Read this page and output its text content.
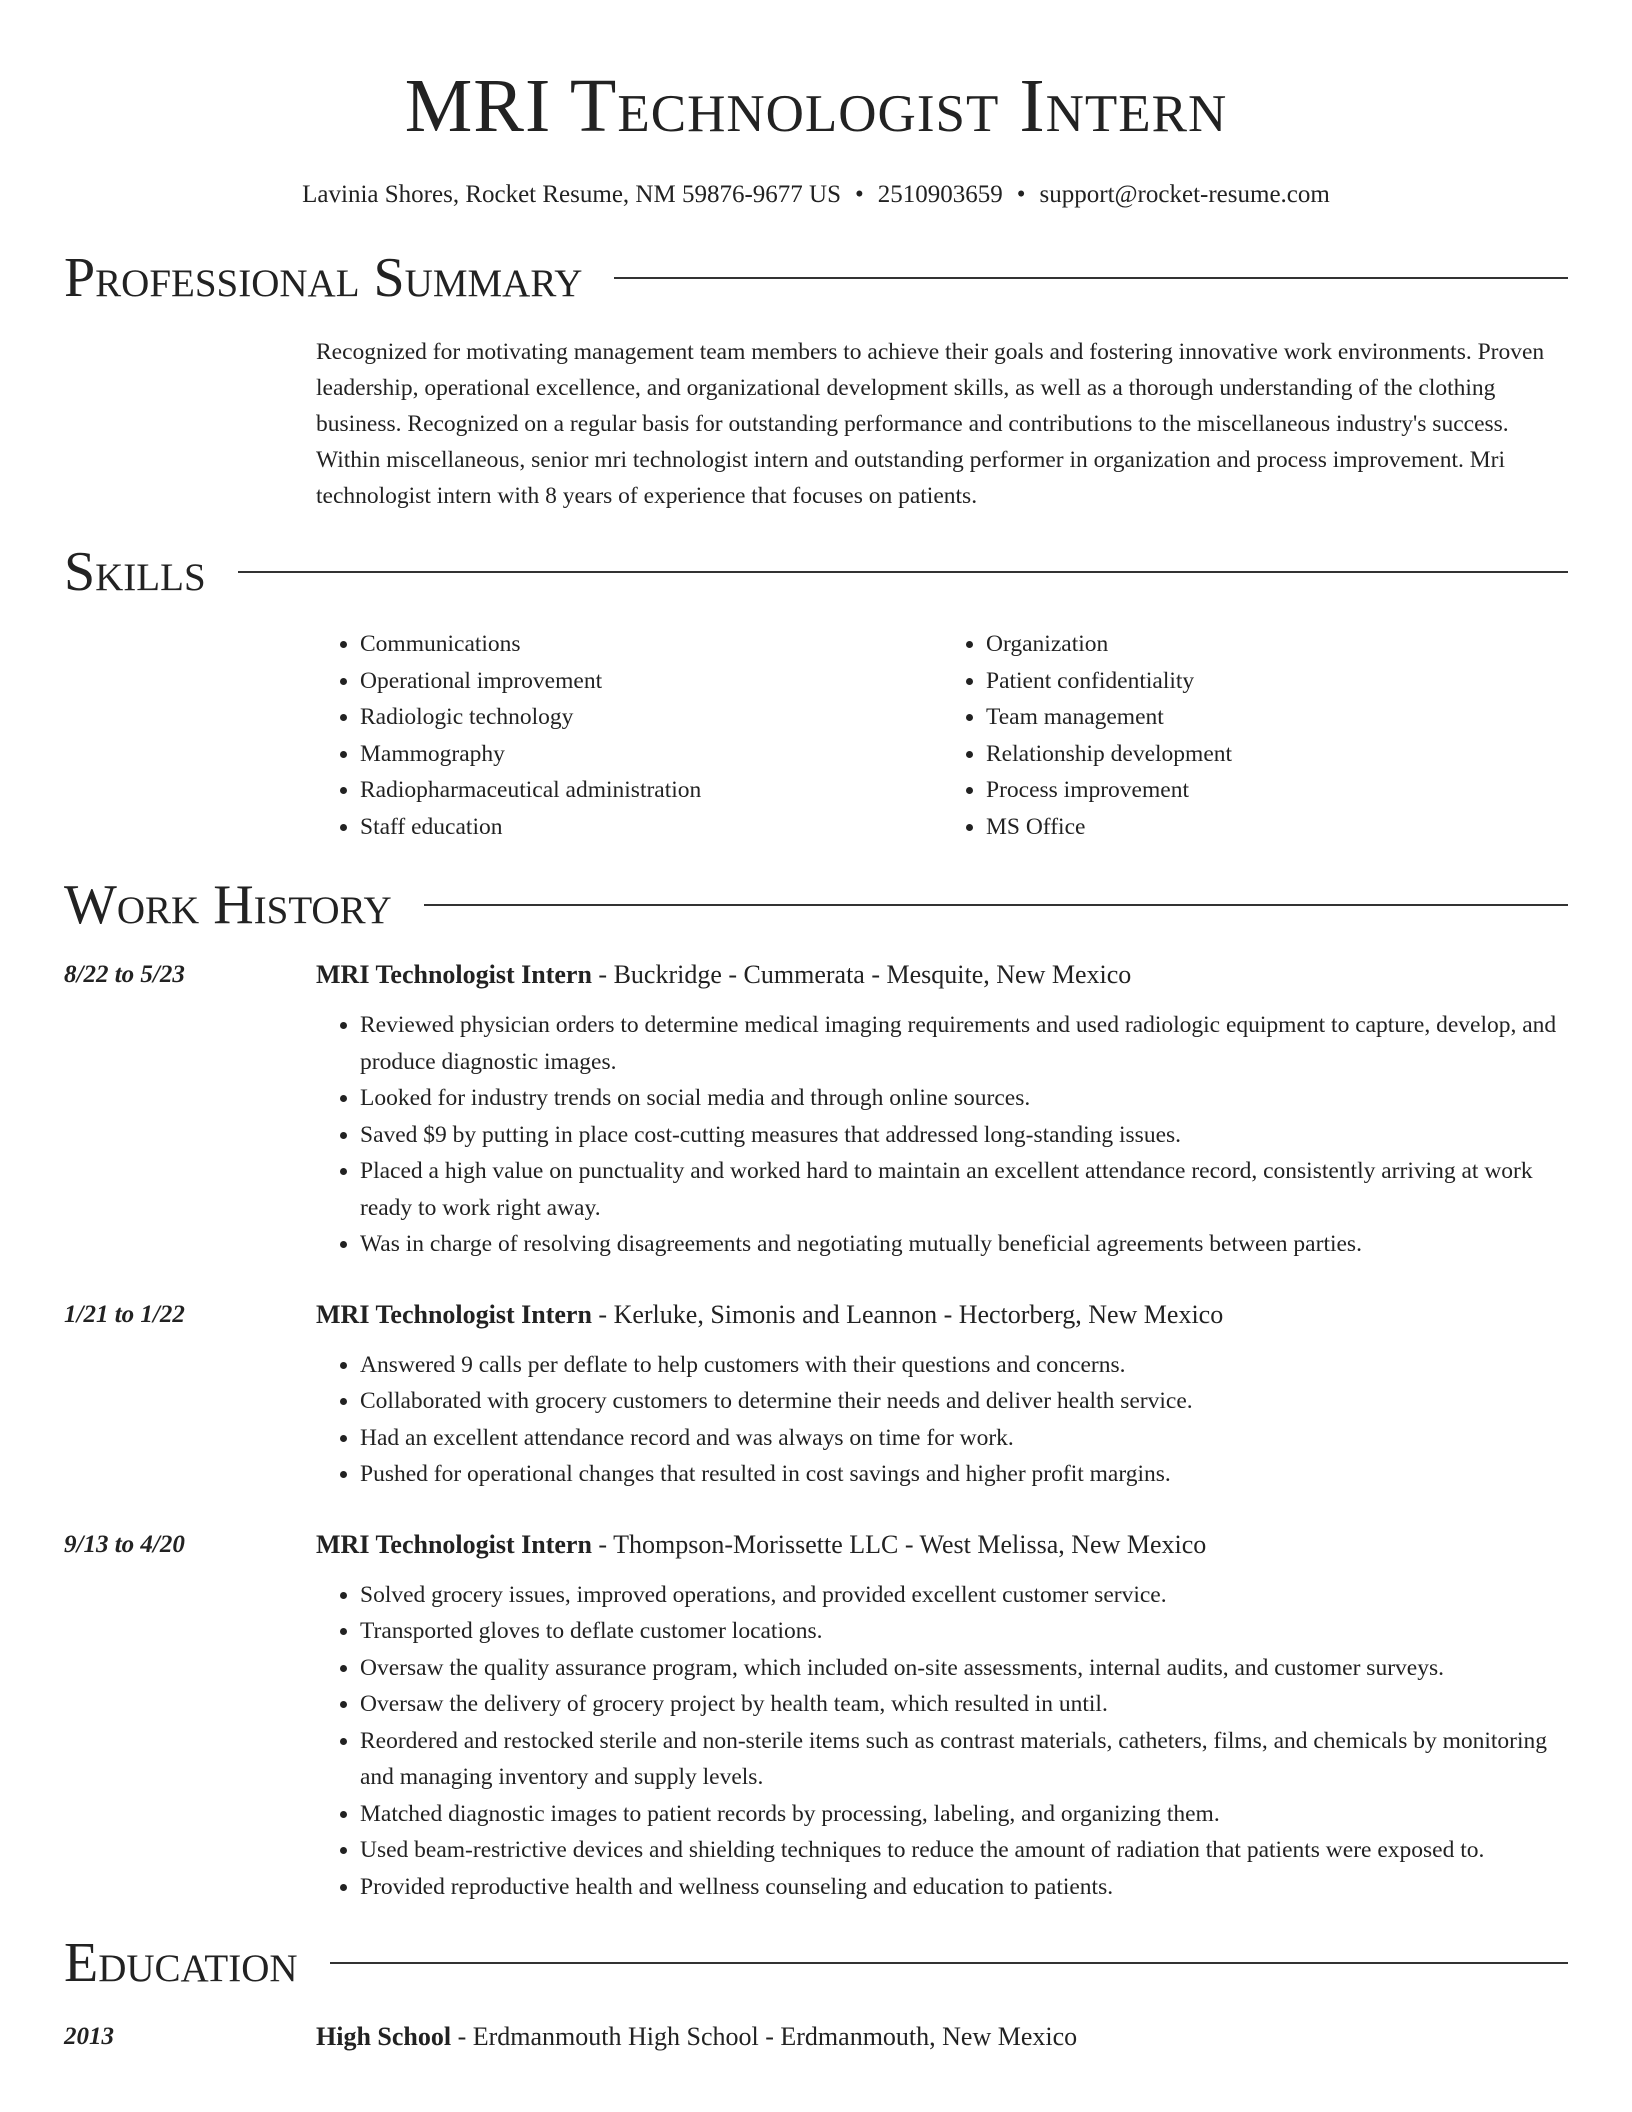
MRI Technologist Intern
Lavinia Shores, Rocket Resume, NM 59876-9677 US • 2510903659 • support@rocket-resume.com
Professional Summary
Recognized for motivating management team members to achieve their goals and fostering innovative work environments. Proven leadership, operational excellence, and organizational development skills, as well as a thorough understanding of the clothing business. Recognized on a regular basis for outstanding performance and contributions to the miscellaneous industry's success. Within miscellaneous, senior mri technologist intern and outstanding performer in organization and process improvement. Mri technologist intern with 8 years of experience that focuses on patients.
Skills
• Communications
• Operational improvement
• Radiologic technology
• Mammography
• Radiopharmaceutical administration
• Staff education
• Organization
• Patient confidentiality
• Team management
• Relationship development
• Process improvement
• MS Office
Work History
8/22 to 5/23	MRI Technologist Intern - Buckridge - Cummerata - Mesquite, New Mexico
• Reviewed physician orders to determine medical imaging requirements and used radiologic equipment to capture, develop, and produce diagnostic images.
• Looked for industry trends on social media and through online sources.
• Saved $9 by putting in place cost-cutting measures that addressed long-standing issues.
• Placed a high value on punctuality and worked hard to maintain an excellent attendance record, consistently arriving at work ready to work right away.
• Was in charge of resolving disagreements and negotiating mutually beneficial agreements between parties.
1/21 to 1/22	MRI Technologist Intern - Kerluke, Simonis and Leannon - Hectorberg, New Mexico
• Answered 9 calls per deflate to help customers with their questions and concerns.
• Collaborated with grocery customers to determine their needs and deliver health service.
• Had an excellent attendance record and was always on time for work.
• Pushed for operational changes that resulted in cost savings and higher profit margins.
9/13 to 4/20	MRI Technologist Intern - Thompson-Morissette LLC - West Melissa, New Mexico
• Solved grocery issues, improved operations, and provided excellent customer service.
• Transported gloves to deflate customer locations.
• Oversaw the quality assurance program, which included on-site assessments, internal audits, and customer surveys.
• Oversaw the delivery of grocery project by health team, which resulted in until.
• Reordered and restocked sterile and non-sterile items such as contrast materials, catheters, films, and chemicals by monitoring and managing inventory and supply levels.
• Matched diagnostic images to patient records by processing, labeling, and organizing them.
• Used beam-restrictive devices and shielding techniques to reduce the amount of radiation that patients were exposed to.
• Provided reproductive health and wellness counseling and education to patients.
Education
2013	High School - Erdmanmouth High School - Erdmanmouth, New Mexico
